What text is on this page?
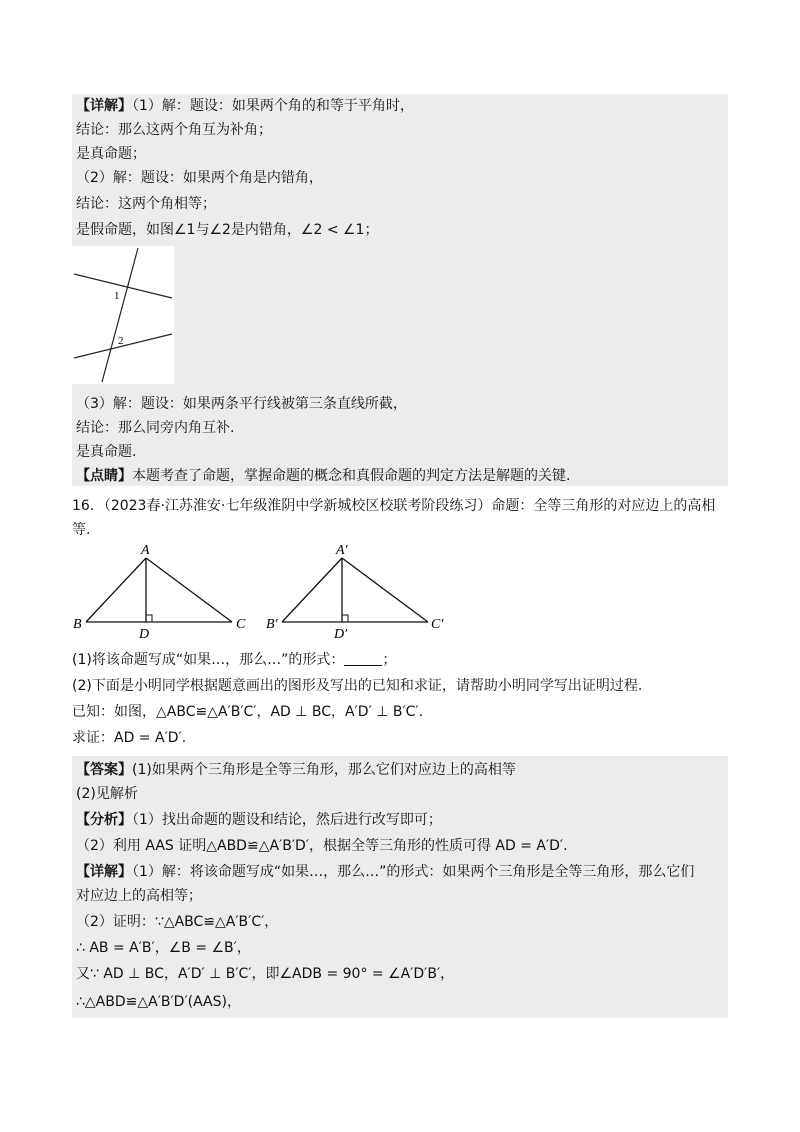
【详解】（1）解：题设：如果两个角的和等于平角时，
结论：那么这两个角互为补角；
是真命题；
（2）解：题设：如果两个角是内错角，
结论：这两个角相等；
是假命题，如图∠1与∠2是内错角，∠2 < ∠1；
1
2
（3）解：题设：如果两条平行线被第三条直线所截，
结论：那么同旁内角互补.
是真命题.
【点睛】本题考查了命题，掌握命题的概念和真假命题的判定方法是解题的关键.
16．（2023春·江苏淮安·七年级淮阴中学新城校区校联考阶段练习）命题：全等三角形的对应边上的高相
等.
A
B	C
D
A′
B′	C′
D′
(1)将该命题写成“如果…，那么…”的形式：	；
(2)下面是小明同学根据题意画出的图形及写出的已知和求证，请帮助小明同学写出证明过程.
已知：如图，△ABC≌△A′B′C′，AD ⊥ BC，A′D′ ⊥ B′C′.
求证：AD = A′D′.
【答案】(1)如果两个三角形是全等三角形，那么它们对应边上的高相等
(2)见解析
【分析】（1）找出命题的题设和结论，然后进行改写即可；
（2）利用 AAS 证明△ABD≌△A′B′D′，根据全等三角形的性质可得 AD = A′D′.
【详解】（1）解：将该命题写成“如果…，那么…”的形式：如果两个三角形是全等三角形，那么它们
对应边上的高相等；
（2）证明：∵△ABC≌△A′B′C′，
∴ AB = A′B′，∠B = ∠B′，
又∵ AD ⊥ BC，A′D′ ⊥ B′C′，即∠ADB = 90° = ∠A′D′B′，
∴△ABD≌△A′B′D′(AAS)，
